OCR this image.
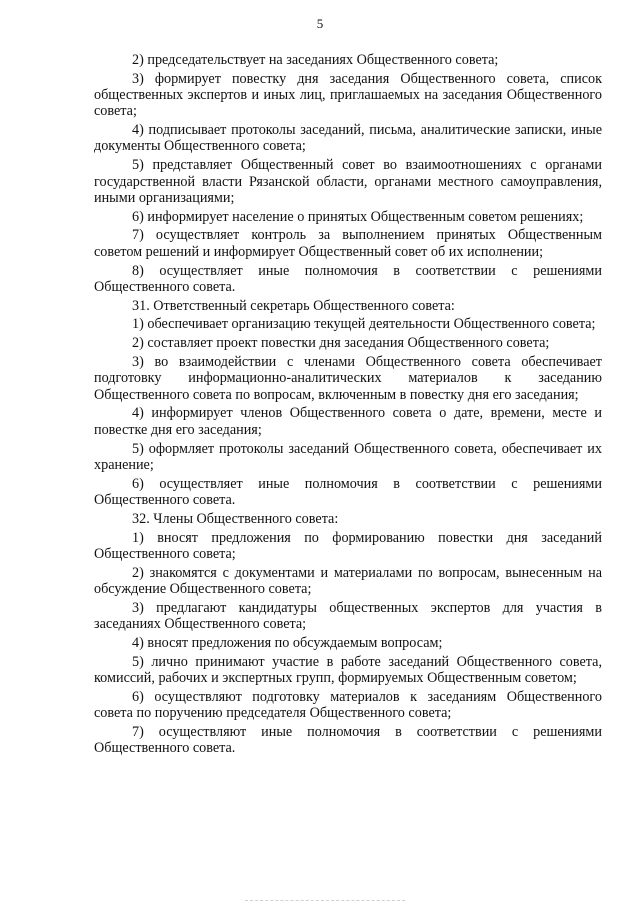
5

2) председательствует на заседаниях Общественного совета;

3) формирует повестку дня заседания Общественного совета, список общественных экспертов и иных лиц, приглашаемых на заседания Общественного совета;

4) подписывает протоколы заседаний, письма, аналитические записки, иные документы Общественного совета;

5) представляет Общественный совет во взаимоотношениях с органами государственной власти Рязанской области, органами местного самоуправления, иными организациями;

6) информирует население о принятых Общественным советом решениях;

7) осуществляет контроль за выполнением принятых Общественным советом решений и информирует Общественный совет об их исполнении;

8) осуществляет иные полномочия в соответствии с решениями Общественного совета.

31. Ответственный секретарь Общественного совета:

1) обеспечивает организацию текущей деятельности Общественного совета;

2) составляет проект повестки дня заседания Общественного совета;

3) во взаимодействии с членами Общественного совета обеспечивает подготовку информационно-аналитических материалов к заседанию Общественного совета по вопросам, включенным в повестку дня его заседания;

4) информирует членов Общественного совета о дате, времени, месте и повестке дня его заседания;

5) оформляет протоколы заседаний Общественного совета, обеспечивает их хранение;

6) осуществляет иные полномочия в соответствии с решениями Общественного совета.

32. Члены Общественного совета:

1) вносят предложения по формированию повестки дня заседаний Общественного совета;

2) знакомятся с документами и материалами по вопросам, вынесенным на обсуждение Общественного совета;

3) предлагают кандидатуры общественных экспертов для участия в заседаниях Общественного совета;

4) вносят предложения по обсуждаемым вопросам;

5) лично принимают участие в работе заседаний Общественного совета, комиссий, рабочих и экспертных групп, формируемых Общественным советом;

6) осуществляют подготовку материалов к заседаниям Общественного совета по поручению председателя Общественного совета;

7) осуществляют иные полномочия в соответствии с решениями Общественного совета.
